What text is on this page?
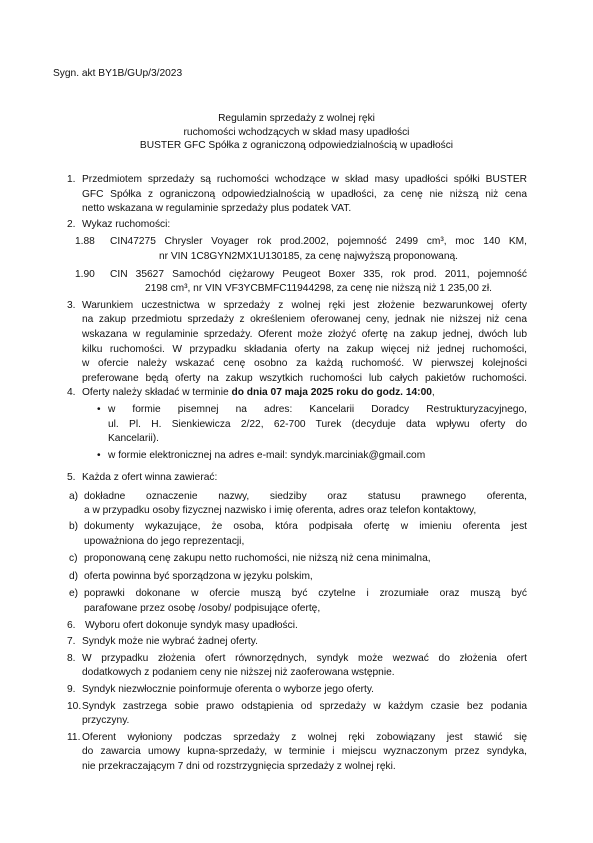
Sygn. akt BY1B/GUp/3/2023
Regulamin sprzedaży z wolnej ręki
ruchomości wchodzących w skład masy upadłości
BUSTER GFC Spółka z ograniczoną odpowiedzialnością w upadłości
1. Przedmiotem sprzedaży są ruchomości wchodzące w skład masy upadłości spółki BUSTER
GFC Spółka z ograniczoną odpowiedzialnością w upadłości, za cenę nie niższą niż cena
netto wskazana w regulaminie sprzedaży plus podatek VAT.
2. Wykaz ruchomości:
1.88 CIN47275 Chrysler Voyager rok prod.2002, pojemność 2499 cm³, moc 140 KM,
nr VIN 1C8GYN2MX1U130185, za cenę najwyższą proponowaną.
1.90 CIN 35627 Samochód ciężarowy Peugeot Boxer 335, rok prod. 2011, pojemność
2198 cm³, nr VIN VF3YCBMFC11944298, za cenę nie niższą niż 1 235,00 zł.
3. Warunkiem uczestnictwa w sprzedaży z wolnej ręki jest złożenie bezwarunkowej oferty
na zakup przedmiotu sprzedaży z określeniem oferowanej ceny, jednak nie niższej niż cena
wskazana w regulaminie sprzedaży. Oferent może złożyć ofertę na zakup jednej, dwóch lub
kilku ruchomości. W przypadku składania oferty na zakup więcej niż jednej ruchomości,
w ofercie należy wskazać cenę osobno za każdą ruchomość. W pierwszej kolejności
preferowane będą oferty na zakup wszytkich ruchomości lub całych pakietów ruchomości.
4. Oferty należy składać w terminie do dnia 07 maja 2025 roku do godz. 14:00,
• w formie pisemnej na adres: Kancelarii Doradcy Restrukturyzacyjnego,
ul. Pl. H. Sienkiewicza 2/22, 62-700 Turek (decyduje data wpływu oferty do
Kancelarii).
• w formie elektronicznej na adres e-mail: syndyk.marciniak@gmail.com
5. Każda z ofert winna zawierać:
a) dokładne oznaczenie nazwy, siedziby oraz statusu prawnego oferenta,
a w przypadku osoby fizycznej nazwisko i imię oferenta, adres oraz telefon kontaktowy,
b) dokumenty wykazujące, że osoba, która podpisała ofertę w imieniu oferenta jest
upoważniona do jego reprezentacji,
c) proponowaną cenę zakupu netto ruchomości, nie niższą niż cena minimalna,
d) oferta powinna być sporządzona w języku polskim,
e) poprawki dokonane w ofercie muszą być czytelne i zrozumiałe oraz muszą być
parafowane przez osobę /osoby/ podpisujące ofertę,
6. Wyboru ofert dokonuje syndyk masy upadłości.
7. Syndyk może nie wybrać żadnej oferty.
8. W przypadku złożenia ofert równorzędnych, syndyk może wezwać do złożenia ofert
dodatkowych z podaniem ceny nie niższej niż zaoferowana wstępnie.
9. Syndyk niezwłocznie poinformuje oferenta o wyborze jego oferty.
10. Syndyk zastrzega sobie prawo odstąpienia od sprzedaży w każdym czasie bez podania
przyczyny.
11. Oferent wyłoniony podczas sprzedaży z wolnej ręki zobowiązany jest stawić się
do zawarcia umowy kupna-sprzedaży, w terminie i miejscu wyznaczonym przez syndyka,
nie przekraczającym 7 dni od rozstrzygnięcia sprzedaży z wolnej ręki.
